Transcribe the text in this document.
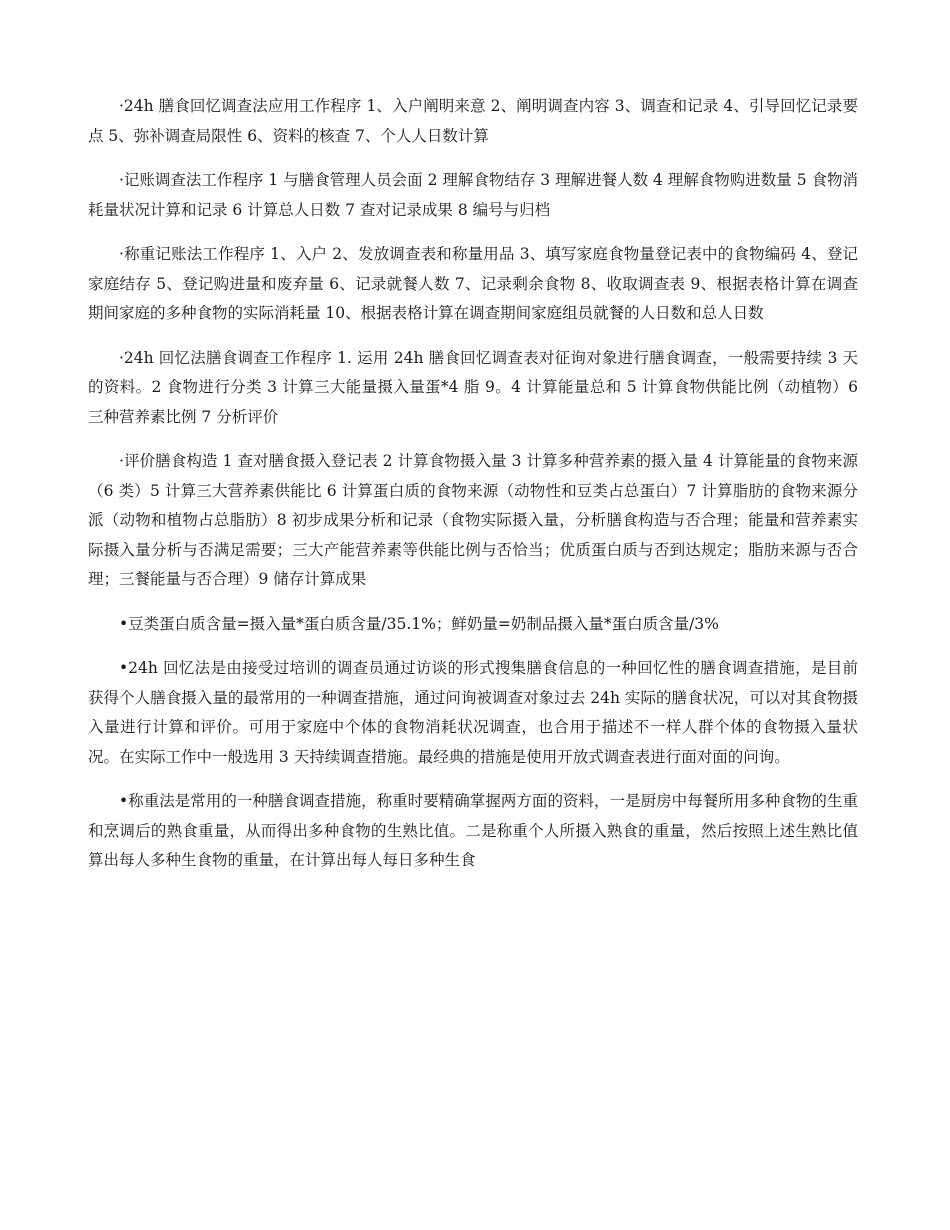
·24h 膳食回忆调查法应用工作程序 1、入户阐明来意 2、阐明调查内容 3、调查和记录 4、引导回忆记录要点 5、弥补调查局限性 6、资料的核查 7、个人人日数计算

·记账调查法工作程序 1 与膳食管理人员会面 2 理解食物结存 3 理解进餐人数 4 理解食物购进数量 5 食物消耗量状况计算和记录 6 计算总人日数 7 查对记录成果 8 编号与归档

·称重记账法工作程序 1、入户 2、发放调查表和称量用品 3、填写家庭食物量登记表中的食物编码 4、登记家庭结存 5、登记购进量和废弃量 6、记录就餐人数 7、记录剩余食物 8、收取调查表 9、根据表格计算在调查期间家庭的多种食物的实际消耗量 10、根据表格计算在调查期间家庭组员就餐的人日数和总人日数

·24h 回忆法膳食调查工作程序 1. 运用 24h 膳食回忆调查表对征询对象进行膳食调查，一般需要持续 3 天的资料。2 食物进行分类 3 计算三大能量摄入量蛋*4 脂 9。4 计算能量总和 5 计算食物供能比例（动植物）6 三种营养素比例 7 分析评价

·评价膳食构造 1 查对膳食摄入登记表 2 计算食物摄入量 3 计算多种营养素的摄入量 4 计算能量的食物来源（6 类）5 计算三大营养素供能比 6 计算蛋白质的食物来源（动物性和豆类占总蛋白）7 计算脂肪的食物来源分派（动物和植物占总脂肪）8 初步成果分析和记录（食物实际摄入量，分析膳食构造与否合理；能量和营养素实际摄入量分析与否满足需要；三大产能营养素等供能比例与否恰当；优质蛋白质与否到达规定；脂肪来源与否合理；三餐能量与否合理）9 储存计算成果

•豆类蛋白质含量=摄入量*蛋白质含量/35.1%；鲜奶量=奶制品摄入量*蛋白质含量/3%

•24h 回忆法是由接受过培训的调查员通过访谈的形式搜集膳食信息的一种回忆性的膳食调查措施，是目前获得个人膳食摄入量的最常用的一种调查措施，通过问询被调查对象过去 24h 实际的膳食状况，可以对其食物摄入量进行计算和评价。可用于家庭中个体的食物消耗状况调查，也合用于描述不一样人群个体的食物摄入量状况。在实际工作中一般选用 3 天持续调查措施。最经典的措施是使用开放式调查表进行面对面的问询。

•称重法是常用的一种膳食调查措施，称重时要精确掌握两方面的资料，一是厨房中每餐所用多种食物的生重和烹调后的熟食重量，从而得出多种食物的生熟比值。二是称重个人所摄入熟食的重量，然后按照上述生熟比值算出每人多种生食物的重量，在计算出每人每日多种生食
